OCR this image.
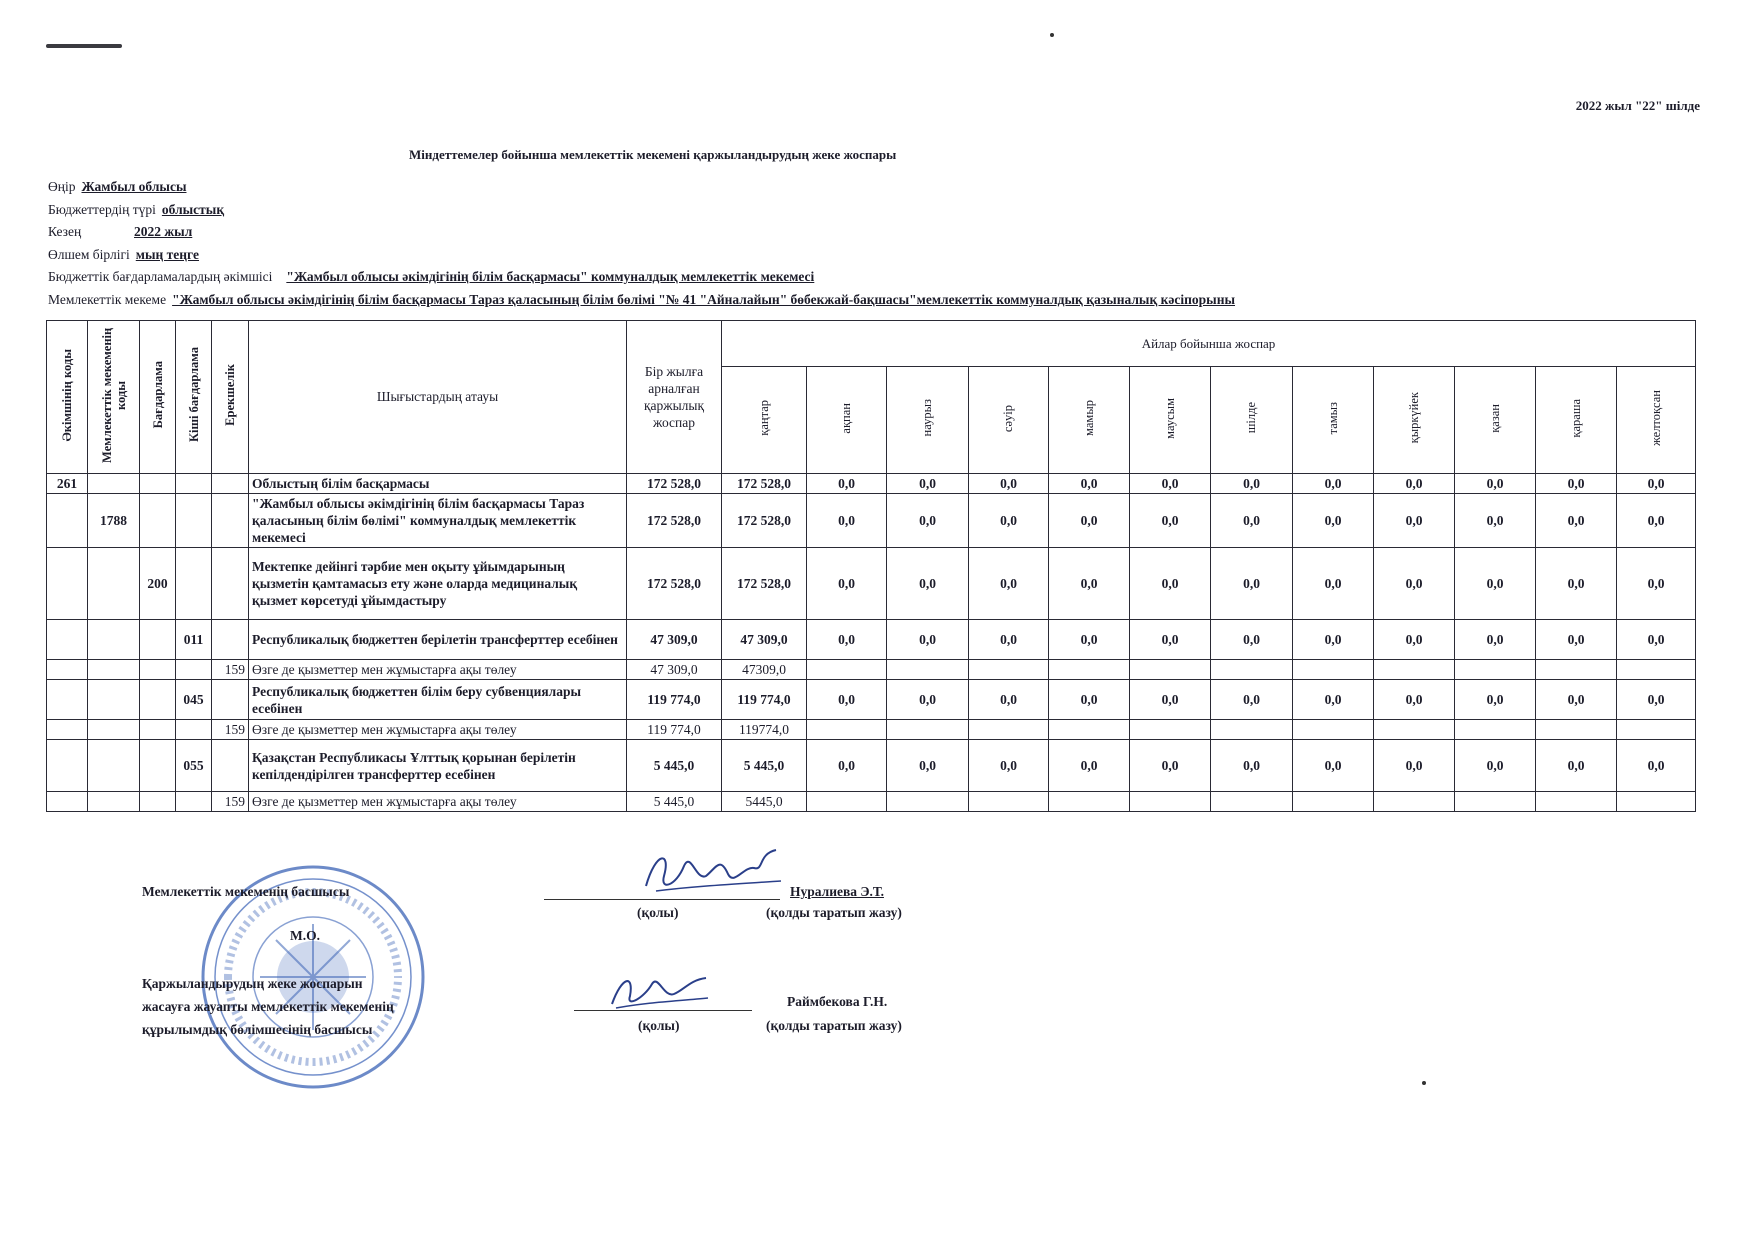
2022 жыл "22" шілде
Міндеттемелер бойынша мемлекеттік мекемені қаржыландырудың жеке жоспары
Өңір Жамбыл облысы
Бюджеттердің түрі облыстық
Кезең	2022 жыл
Өлшем бірлігі мың теңге
Бюджеттік бағдарламалардың әкімшісі "Жамбыл облысы әкімдігінің білім басқармасы" коммуналдық мемлекеттік мекемесі
Мемлекеттік мекеме "Жамбыл облысы әкімдігінің білім басқармасы Тараз қаласының білім бөлімі "№ 41 "Айналайын" бөбекжай-бақшасы"мемлекеттік коммуналдық қазыналық кәсіпорыны
Әкімшінің коды	Мемлекеттік мекеменің коды	Бағдарлама	Кіші бағдарлама	Ерекшелік	Шығыстардың атауы	Бір жылға арналған қаржылық жоспар	Айлар бойынша жоспар											
							қаңтар	ақпан	наурыз	сәуір	мамыр	маусым	шілде	тамыз	қыркүйек	қазан	қараша	желтоқсан
261					Облыстың білім басқармасы	172 528,0	172 528,0	0,0	0,0	0,0	0,0	0,0	0,0	0,0	0,0	0,0	0,0	0,0
	1788				"Жамбыл облысы әкімдігінің білім басқармасы Тараз қаласының білім бөлімі" коммуналдық мемлекеттік мекемесі	172 528,0	172 528,0	0,0	0,0	0,0	0,0	0,0	0,0	0,0	0,0	0,0	0,0	0,0
		200			Мектепке дейінгі тәрбие мен оқыту ұйымдарының қызметін қамтамасыз ету және оларда медициналық қызмет көрсетуді ұйымдастыру	172 528,0	172 528,0	0,0	0,0	0,0	0,0	0,0	0,0	0,0	0,0	0,0	0,0	0,0
			011		Республикалық бюджеттен берілетін трансферттер есебінен	47 309,0	47 309,0	0,0	0,0	0,0	0,0	0,0	0,0	0,0	0,0	0,0	0,0	0,0
				159	Өзге де қызметтер мен жұмыстарға ақы төлеу	47 309,0	47309,0											
			045		Республикалық бюджеттен білім беру субвенциялары есебінен	119 774,0	119 774,0	0,0	0,0	0,0	0,0	0,0	0,0	0,0	0,0	0,0	0,0	0,0
				159	Өзге де қызметтер мен жұмыстарға ақы төлеу	119 774,0	119774,0											
			055		Қазақстан Республикасы Ұлттық қорынан берілетін кепілдендірілген трансферттер есебінен	5 445,0	5 445,0	0,0	0,0	0,0	0,0	0,0	0,0	0,0	0,0	0,0	0,0	0,0
				159	Өзге де қызметтер мен жұмыстарға ақы төлеу	5 445,0	5445,0											
Мемлекеттік мекеменің басшысы
М.О.
Қаржыландырудың жеке жоспарын
жасауға жауапты мемлекеттік мекеменің
құрылымдық бөлімшесінің басшысы
Нуралиева Э.Т.
(қолы)	(қолды таратып жазу)
Раймбекова Г.Н.
(қолы)	(қолды таратып жазу)
